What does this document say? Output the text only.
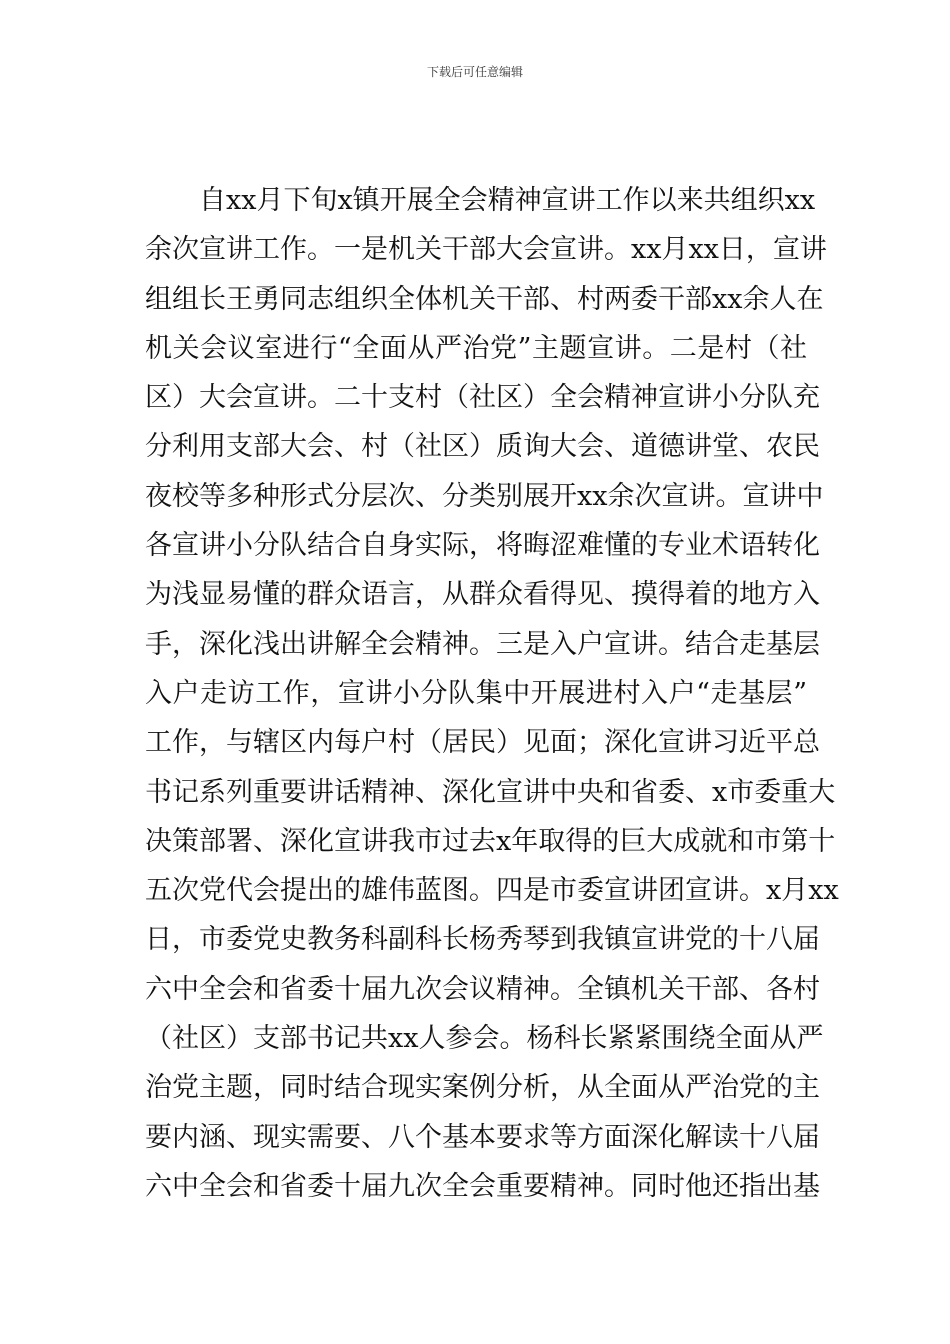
下载后可任意编辑
自xx月下旬x镇开展全会精神宣讲工作以来共组织xx
余次宣讲工作。一是机关干部大会宣讲。xx月xx日，宣讲
组组长王勇同志组织全体机关干部、村两委干部xx余人在
机关会议室进行“全面从严治党”主题宣讲。二是村（社
区）大会宣讲。二十支村（社区）全会精神宣讲小分队充
分利用支部大会、村（社区）质询大会、道德讲堂、农民
夜校等多种形式分层次、分类别展开xx余次宣讲。宣讲中
各宣讲小分队结合自身实际，将晦涩难懂的专业术语转化
为浅显易懂的群众语言，从群众看得见、摸得着的地方入
手，深化浅出讲解全会精神。三是入户宣讲。结合走基层
入户走访工作，宣讲小分队集中开展进村入户“走基层”
工作，与辖区内每户村（居民）见面；深化宣讲习近平总
书记系列重要讲话精神、深化宣讲中央和省委、x市委重大
决策部署、深化宣讲我市过去x年取得的巨大成就和市第十
五次党代会提出的雄伟蓝图。四是市委宣讲团宣讲。x月xx
日，市委党史教务科副科长杨秀琴到我镇宣讲党的十八届
六中全会和省委十届九次会议精神。全镇机关干部、各村
（社区）支部书记共xx人参会。杨科长紧紧围绕全面从严
治党主题，同时结合现实案例分析，从全面从严治党的主
要内涵、现实需要、八个基本要求等方面深化解读十八届
六中全会和省委十届九次全会重要精神。同时他还指出基
